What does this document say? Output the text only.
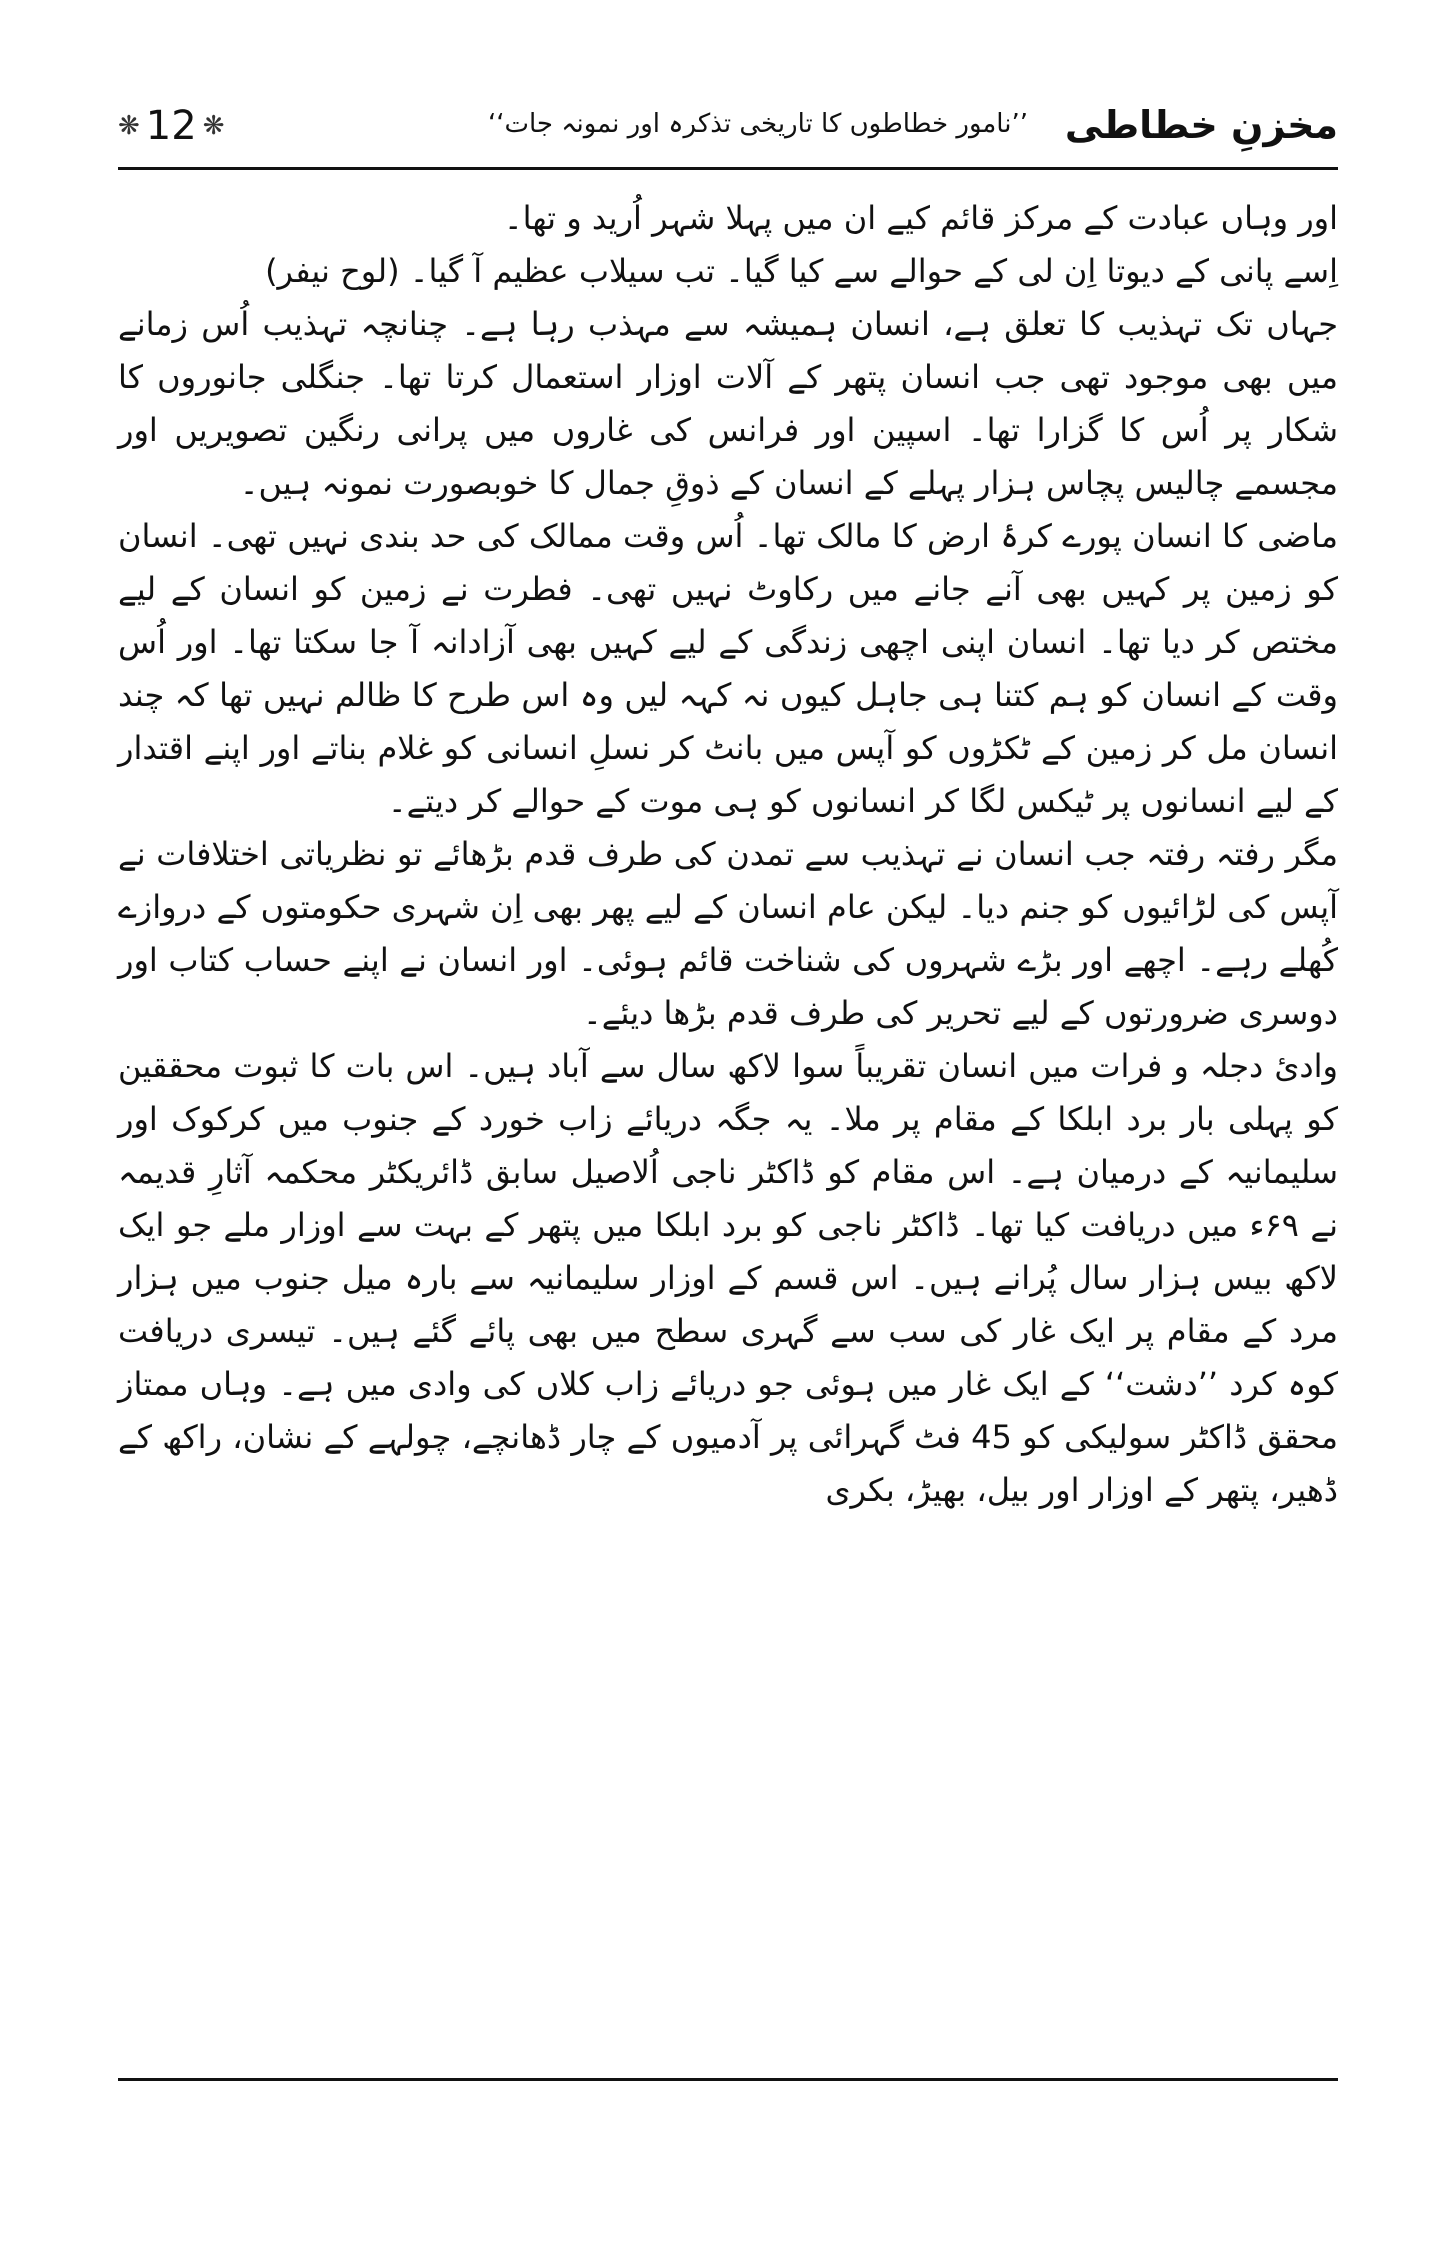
مخزنِ خطاطی
’’نامور خطاطوں کا تاریخی تذکرہ اور نمونہ جات‘‘
❋ 12 ❋

اور وہاں عبادت کے مرکز قائم کیے ان میں پہلا شہر اُرید و تھا۔

اِسے پانی کے دیوتا اِن لی کے حوالے سے کیا گیا۔ تب سیلاب عظیم آ گیا۔ (لوح نیفر)

جہاں تک تہذیب کا تعلق ہے، انسان ہمیشہ سے مہذب رہا ہے۔ چنانچہ تہذیب اُس زمانے میں بھی موجود تھی جب انسان پتھر کے آلات اوزار استعمال کرتا تھا۔ جنگلی جانوروں کا شکار پر اُس کا گزارا تھا۔ اسپین اور فرانس کی غاروں میں پرانی رنگین تصویریں اور مجسمے چالیس پچاس ہزار پہلے کے انسان کے ذوقِ جمال کا خوبصورت نمونہ ہیں۔

ماضی کا انسان پورے کرۂ ارض کا مالک تھا۔ اُس وقت ممالک کی حد بندی نہیں تھی۔ انسان کو زمین پر کہیں بھی آنے جانے میں رکاوٹ نہیں تھی۔ فطرت نے زمین کو انسان کے لیے مختص کر دیا تھا۔ انسان اپنی اچھی زندگی کے لیے کہیں بھی آزادانہ آ جا سکتا تھا۔ اور اُس وقت کے انسان کو ہم کتنا ہی جاہل کیوں نہ کہہ لیں وہ اس طرح کا ظالم نہیں تھا کہ چند انسان مل کر زمین کے ٹکڑوں کو آپس میں بانٹ کر نسلِ انسانی کو غلام بناتے اور اپنے اقتدار کے لیے انسانوں پر ٹیکس لگا کر انسانوں کو ہی موت کے حوالے کر دیتے۔

مگر رفتہ رفتہ جب انسان نے تہذیب سے تمدن کی طرف قدم بڑھائے تو نظریاتی اختلافات نے آپس کی لڑائیوں کو جنم دیا۔ لیکن عام انسان کے لیے پھر بھی اِن شہری حکومتوں کے دروازے کُھلے رہے۔ اچھے اور بڑے شہروں کی شناخت قائم ہوئی۔ اور انسان نے اپنے حساب کتاب اور دوسری ضرورتوں کے لیے تحریر کی طرف قدم بڑھا دیئے۔

وادیٔ دجلہ و فرات میں انسان تقریباً سوا لاکھ سال سے آباد ہیں۔ اس بات کا ثبوت محققین کو پہلی بار برد ابلکا کے مقام پر ملا۔ یہ جگہ دریائے زاب خورد کے جنوب میں کرکوک اور سلیمانیہ کے درمیان ہے۔ اس مقام کو ڈاکٹر ناجی اُلاصیل سابق ڈائریکٹر محکمہ آثارِ قدیمہ نے ۶۹ء میں دریافت کیا تھا۔ ڈاکٹر ناجی کو برد ابلکا میں پتھر کے بہت سے اوزار ملے جو ایک لاکھ بیس ہزار سال پُرانے ہیں۔ اس قسم کے اوزار سلیمانیہ سے بارہ میل جنوب میں ہزار مرد کے مقام پر ایک غار کی سب سے گہری سطح میں بھی پائے گئے ہیں۔ تیسری دریافت کوہ کرد ’’دشت‘‘ کے ایک غار میں ہوئی جو دریائے زاب کلاں کی وادی میں ہے۔ وہاں ممتاز محقق ڈاکٹر سولیکی کو 45 فٹ گہرائی پر آدمیوں کے چار ڈھانچے، چولہے کے نشان، راکھ کے ڈھیر، پتھر کے اوزار اور بیل، بھیڑ، بکری
